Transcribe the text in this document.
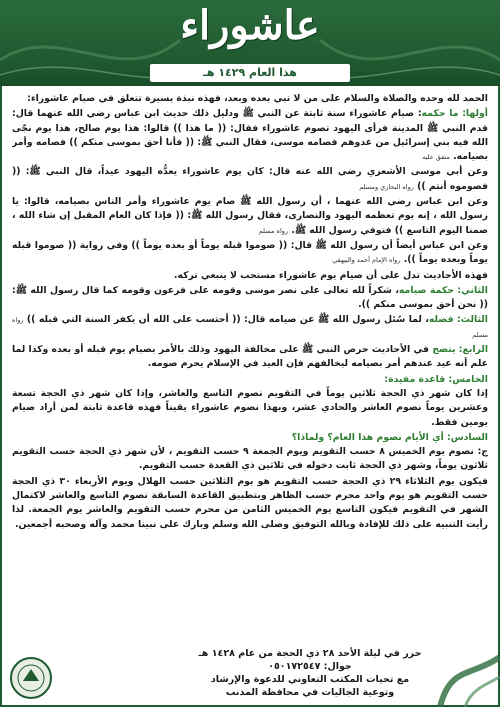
عاشوراء
هذا العام ١٤٢٩ هـ

الحمد لله وحده والصلاة والسلام على من لا نبي بعده وبعد، فهذه نبذة يسيرة تتعلق في صيام عاشوراء:

أولها: ما حكمه: صيام عاشوراء سنة ثابتة عن النبي ﷺ ودليل ذلك حديث ابن عباس رضي الله عنهما قال: قدم النبي ﷺ المدينة فرأى اليهود تصوم عاشوراء فقال: (( ما هذا )) قالوا: هذا يوم صالح، هذا يوم نجّى الله فيه بني إسرائيل من عدوهم فصامه موسى، فقال النبي ﷺ: (( فأنا أحق بموسى منكم )) فصامه وأمر بصيامه. متفق عليه

وعن أبي موسى الأشعري رضي الله عنه قال: كان يوم عاشوراء يعدُّه اليهود عيداً، قال النبي ﷺ: (( فصوموه أنتم )) رواه البخاري ومسلم

وعن ابن عباس رضي الله عنهما ، أن رسول الله ﷺ صام يوم عاشوراء وأمر الناس بصيامه، قالوا: يا رسول الله ، إنه يوم تعظمه اليهود والنصارى، فقال رسول الله ﷺ: (( فإذا كان العام المقبل إن شاء الله ، صمنا اليوم التاسع )) فتوفي رسول الله ﷺ. رواه مسلم

وعن ابن عباس أيضاً أن رسول الله ﷺ قال: (( صوموا قبله يوماً أو بعده يوماً )) وفي رواية (( صوموا قبله يوماً وبعده يوماً )). رواه الإمام أحمد والبيهقي

فهذه الأحاديث تدل على أن صيام يوم عاشوراء مستحب لا ينبغي تركه.

الثاني: حكمة صيامه، شكراً لله تعالى على نصر موسى وقومه على فرعون وقومه كما قال رسول الله ﷺ: (( نحن أحق بموسى منكم )).

الثالث: فضله، لما سُئل رسول الله ﷺ عن صيامه قال: (( أحتسب على الله أن يكفر السنة التي قبله )) رواه مسلم

الرابع: يتضح في الأحاديث حرص النبي ﷺ على مخالفة اليهود وذلك بالأمر بصيام يوم قبله أو بعده وكذا لما علم أنه عيد عندهم أمر بصيامه ليخالفهم فإن العيد في الإسلام يحرم صومه.

الخامس: قاعدة مفيدة:
إذا كان شهر ذي الحجة ثلاثين يوماً في التقويم نصوم التاسع والعاشر، وإذا كان شهر ذي الحجة تسعة وعشرين يوماً نصوم العاشر والحادي عشر، وبهذا نصوم عاشوراء يقيناً فهذه قاعدة ثابتة لمن أراد صيام يومين فقط.

السادس: أي الأيام نصوم هذا العام؟ ولماذا؟
ج: نصوم يوم الخميس ٨ حسب التقويم ويوم الجمعة ٩ حسب التقويم ، لأن شهر ذي الحجة حسب التقويم ثلاثون يوماً، وشهر ذي الحجة ثابت دخوله في ثلاثين ذي القعدة حسب التقويم.

فيكون يوم الثلاثاء ٢٩ ذي الحجة حسب التقويم هو يوم الثلاثين حسب الهلال ويوم الأربعاء ٣٠ ذي الحجة حسب التقويم هو يوم واحد محرم حسب الظاهر وبتطبيق القاعدة السابقة نصوم التاسع والعاشر لاكتمال الشهر في التقويم فيكون التاسع يوم الخميس الثامن من محرم حسب التقويم والعاشر يوم الجمعة. لذا رأيت التنبيه على ذلك للإفادة وبالله التوفيق وصلى الله وسلم وبارك على نبينا محمد وآله وصحبه أجمعين.

حرر في ليلة الأحد ٢٨ ذي الحجة من عام ١٤٢٨ هـ
جوال: ٠٥٠١٧٢٥٤٧
مع تحيات المكتب التعاوني للدعوة والإرشاد
وتوعية الجاليات في محافظة المذنب
